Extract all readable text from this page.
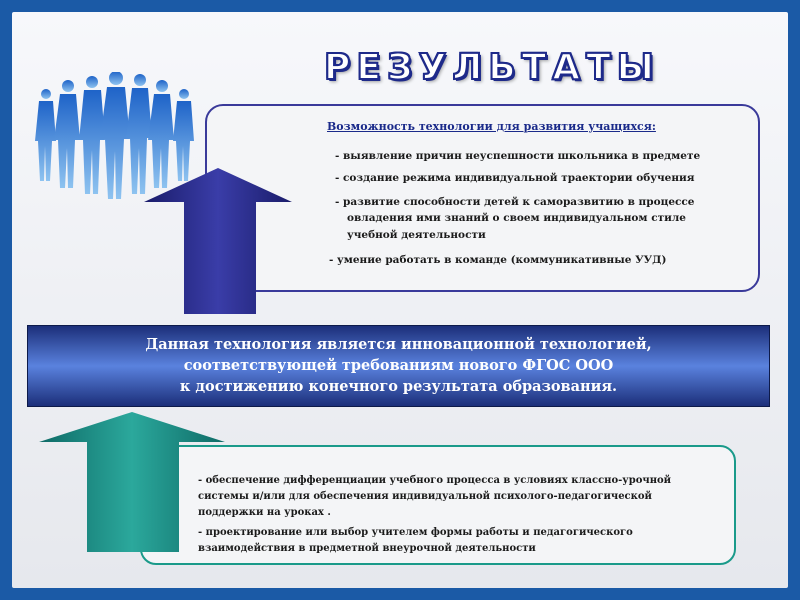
РЕЗУЛЬТАТЫ
Возможность технологии для развития учащихся:
- выявление причин неуспешности школьника в предмете
- создание режима индивидуальной траектории обучения
- развитие способности детей к саморазвитию в процессе
овладения ими знаний о своем индивидуальном стиле
учебной деятельности
- умение работать в команде (коммуникативные УУД)
Данная технология является инновационной технологией,
соответствующей требованиям нового ФГОС ООО
к достижению конечного результата образования.
- обеспечение дифференциации учебного процесса в условиях классно-урочной
системы и/или для обеспечения индивидуальной психолого-педагогической
поддержки на уроках .
- проектирование или выбор учителем формы работы и педагогического
взаимодействия в предметной внеурочной деятельности
